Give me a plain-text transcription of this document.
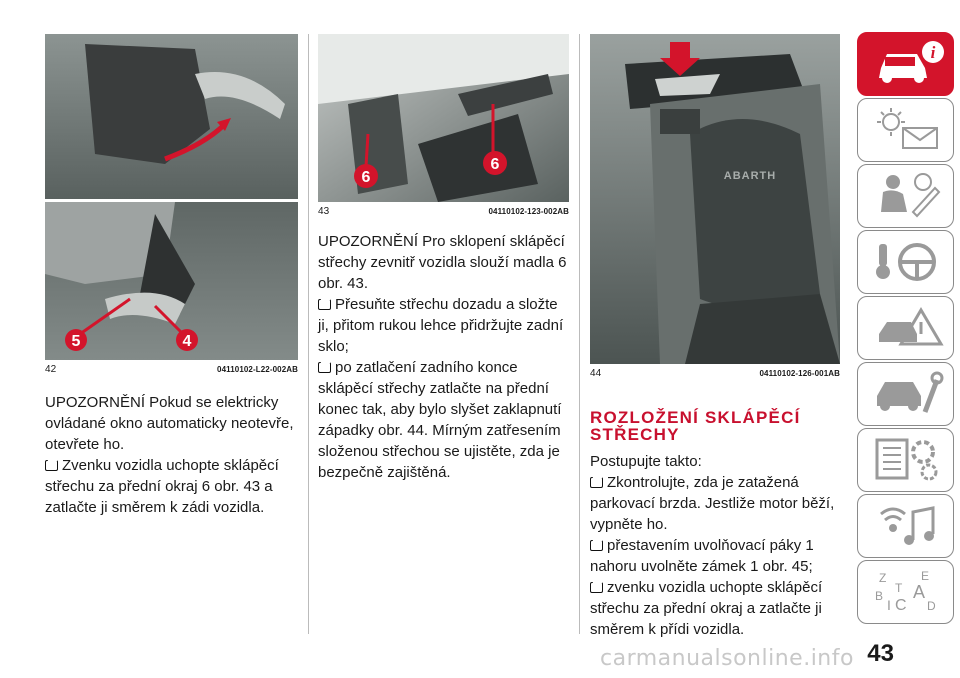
5	4
42	04110102-L22-002AB

UPOZORNĚNÍ Pokud se elektricky ovládané okno automaticky neotevře, otevřete ho.

Zvenku vozidla uchopte sklápěcí střechu za přední okraj 6 obr. 43 a zatlačte ji směrem k zádi vozidla.

6
6
43	04110102-123-002AB

UPOZORNĚNÍ Pro sklopení sklápěcí střechy zevnitř vozidla slouží madla 6 obr. 43.

Přesuňte střechu dozadu a složte ji, přitom rukou lehce přidržujte zadní sklo;

po zatlačení zadního konce sklápěcí střechy zatlačte na přední konec tak, aby bylo slyšet zaklapnutí západky obr. 44. Mírným zatřesením složenou střechou se ujistěte, zda je bezpečně zajištěná.

ABARTH
44	04110102-126-001AB
ROZLOŽENÍ SKLÁPĚCÍ
STŘECHY

Postupujte takto:

Zkontrolujte, zda je zatažená parkovací brzda. Jestliže motor běží, vypněte ho.

přestavením uvolňovací páky 1 nahoru uvolněte zámek 1 obr. 45;

zvenku vozidla uchopte sklápěcí střechu za přední okraj a zatlačte ji směrem k přídi vozidla.

i
Z	E
B A
I C
T
D
43
carmanualsonline.info
